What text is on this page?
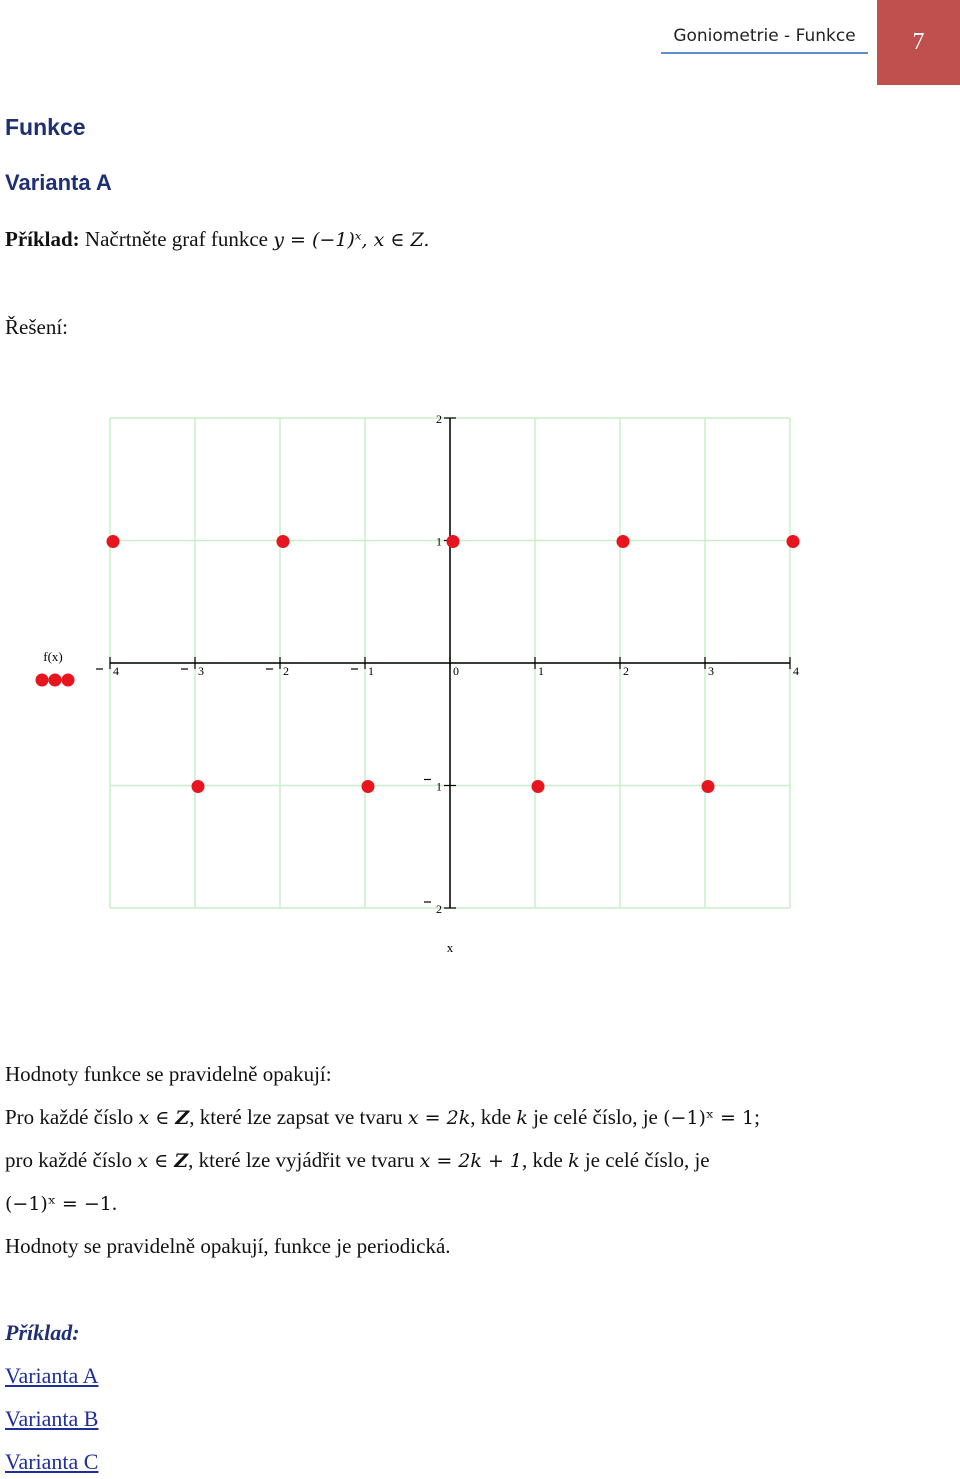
Goniometrie - Funkce	7
Funkce
Varianta A
Příklad: Načrtněte graf funkce y = (−1)ˣ, x ∈ Z.
Řešení:
4	3	2	1	0	1	2	3	4
2
1
1
2
f(x)
x
Hodnoty funkce se pravidelně opakují:
Pro každé číslo x ∈ Z, které lze zapsat ve tvaru x = 2k, kde k je celé číslo, je (−1)ˣ = 1;
pro každé číslo x ∈ Z, které lze vyjádřit ve tvaru x = 2k + 1, kde k je celé číslo, je
(−1)ˣ = −1.
Hodnoty se pravidelně opakují, funkce je periodická.
Příklad:
Varianta A
Varianta B
Varianta C
